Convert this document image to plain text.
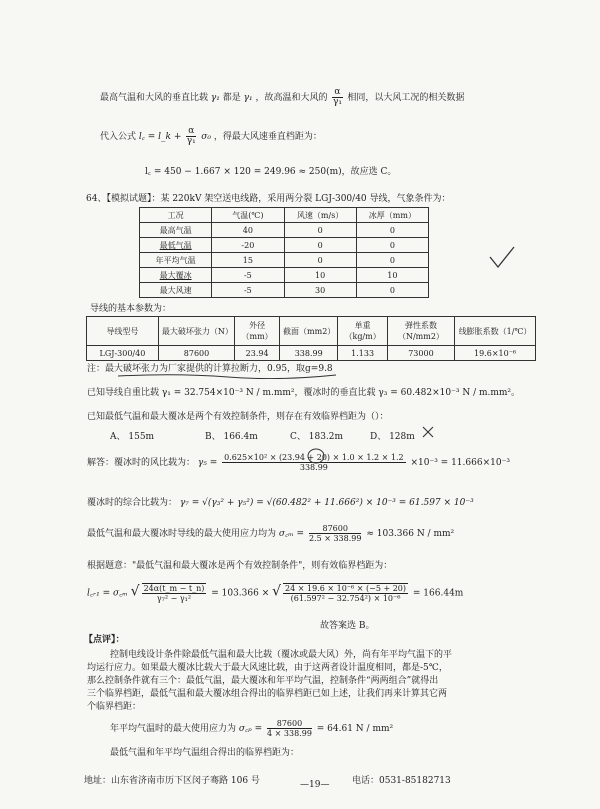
最高气温和大风的垂直比载 γ₁ 都是 γ₁ ，故高温和大风的 $\frac{\alpha}{\text{γ₁}}$ 相同，以大风工况的相关数据
代入公式 l꜀ = l_k + $\frac{\alpha}{\text{γ₁}} \sigma_0$ ，得最大风速垂直档距为：
l꜀ = 450 − 1.667 × 120 = 249.96 ≈ 250(m)，故应选 C。
64、【模拟试题】：某 220kV 架空送电线路，采用两分裂 LGJ-300/40 导线，气象条件为：
工况	气温(℃)	风速（m/s）	冰厚（mm）
最高气温	40	0	0
最低气温	-20	0	0
年平均气温	15	0	0
最大覆冰	-5	10	10
最大风速	-5	30	0
导线的基本参数为：
导线型号	最大破坏张力（N）	外径（mm）	截面（mm2）	单重（kg/m）	弹性系数（N/mm2）	线膨胀系数（1/℃）
LGJ-300/40	87600	23.94	338.99	1.133	73000	19.6×10⁻⁶
注：最大破坏张力为厂家提供的计算拉断力，0.95，取g=9.8
已知导线自重比载 γ₁ = 32.754×10⁻³ N / m.mm²，覆冰时的垂直比载 γ₃ = 60.482×10⁻³ N / m.mm²。
已知最低气温和最大覆冰是两个有效控制条件，则存在有效临界档距为（）：
A、 155m	B、 166.4m	C、 183.2m	D、 128m
解答：覆冰时的风比载为： $\gamma_5 = \frac{\text{0.625×10² × (23.94 + 20) × 1.0 × 1.2 × 1.2}}{338.99} \times 10^{-3} = 11.666\times 10^{-3}$
覆冰时的综合比载为： γ₇ = √(γ₃² + γ₅²) = √(60.482² + 11.666²) × 10⁻³ = 61.597 × 10⁻³
最低气温和最大覆冰时导线的最大使用应力均为 σ꜀ₘ = $\frac{87600}{2.5 \times 338.99} \approx 103.366$ N / mm²
根据题意："最低气温和最大覆冰是两个有效控制条件"，则有效临界档距为：
l꜀ᵣ₁ = σ꜀ₘ √ $\frac{24\alpha(t\_m - t\_n)}{\text{γ₇² − γ₁²}} = 103.366$ × √ $\frac{\text{24 × 19.6 × 10⁻⁶ × (−5 + 20)}}{\text{(61.597² − 32.754²) × 10⁻⁶}} = 166.44m$
故答案选 B。
【点评】：
控制电线设计条件除最低气温和最大比载（覆冰或最大风）外，尚有年平均气温下的平
均运行应力。如果最大覆冰比载大于最大风速比载，由于这两者设计温度相同，都是-5℃，
那么控制条件就有三个：最低气温，最大覆冰和年平均气温，控制条件“两两组合”就得出
三个临界档距，最低气温和最大覆冰组合得出的临界档距已如上述，让我们再来计算其它两
个临界档距：
年平均气温时的最大使用应力为 σ꜀ₚ = $\frac{87600}{4 \times 338.99} = 64.61$ N / mm²
最低气温和年平均气温组合得出的临界档距为：
地址：山东省济南市历下区闵子骞路 106 号	—19—	电话：0531-85182713
